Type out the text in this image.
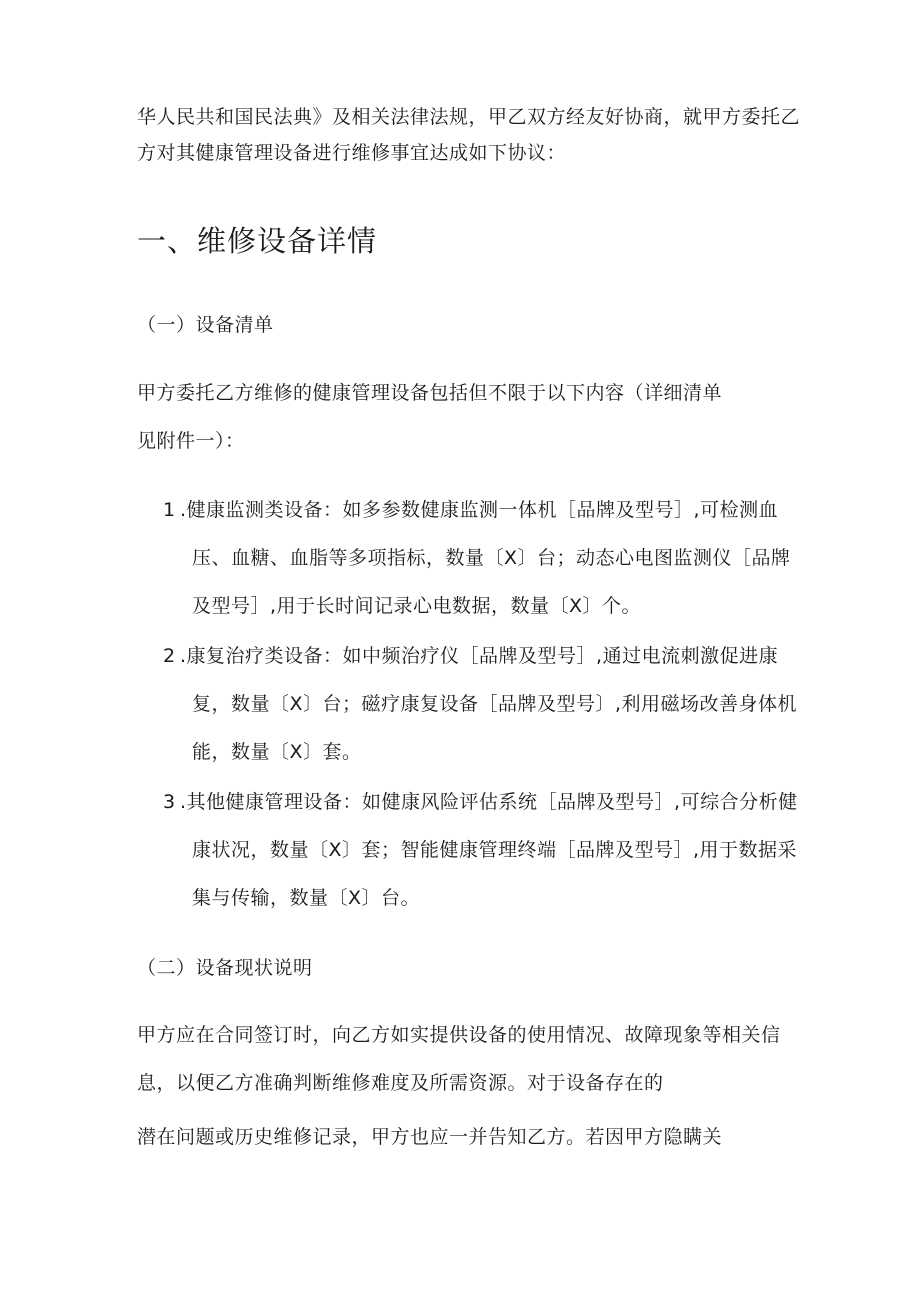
华人民共和国民法典》及相关法律法规，甲乙双方经友好协商，就甲方委托乙
方对其健康管理设备进行维修事宜达成如下协议：
一、维修设备详情
（一）设备清单
甲方委托乙方维修的健康管理设备包括但不限于以下内容（详细清单
见附件一）：
1 .健康监测类设备：如多参数健康监测一体机［品牌及型号］,可检测血
压、血糖、血脂等多项指标，数量〔X〕台；动态心电图监测仪［品牌
及型号］,用于长时间记录心电数据，数量〔X〕个。
2 .康复治疗类设备：如中频治疗仪［品牌及型号］,通过电流刺激促进康
复，数量〔X〕台；磁疗康复设备［品牌及型号〕,利用磁场改善身体机
能，数量〔X〕套。
3 .其他健康管理设备：如健康风险评估系统［品牌及型号］,可综合分析健
康状况，数量〔X〕套；智能健康管理终端［品牌及型号］,用于数据采
集与传输，数量〔X〕台。
（二）设备现状说明
甲方应在合同签订时，向乙方如实提供设备的使用情况、故障现象等相关信
息，以便乙方准确判断维修难度及所需资源。对于设备存在的
潜在问题或历史维修记录，甲方也应一并告知乙方。若因甲方隐瞒关
